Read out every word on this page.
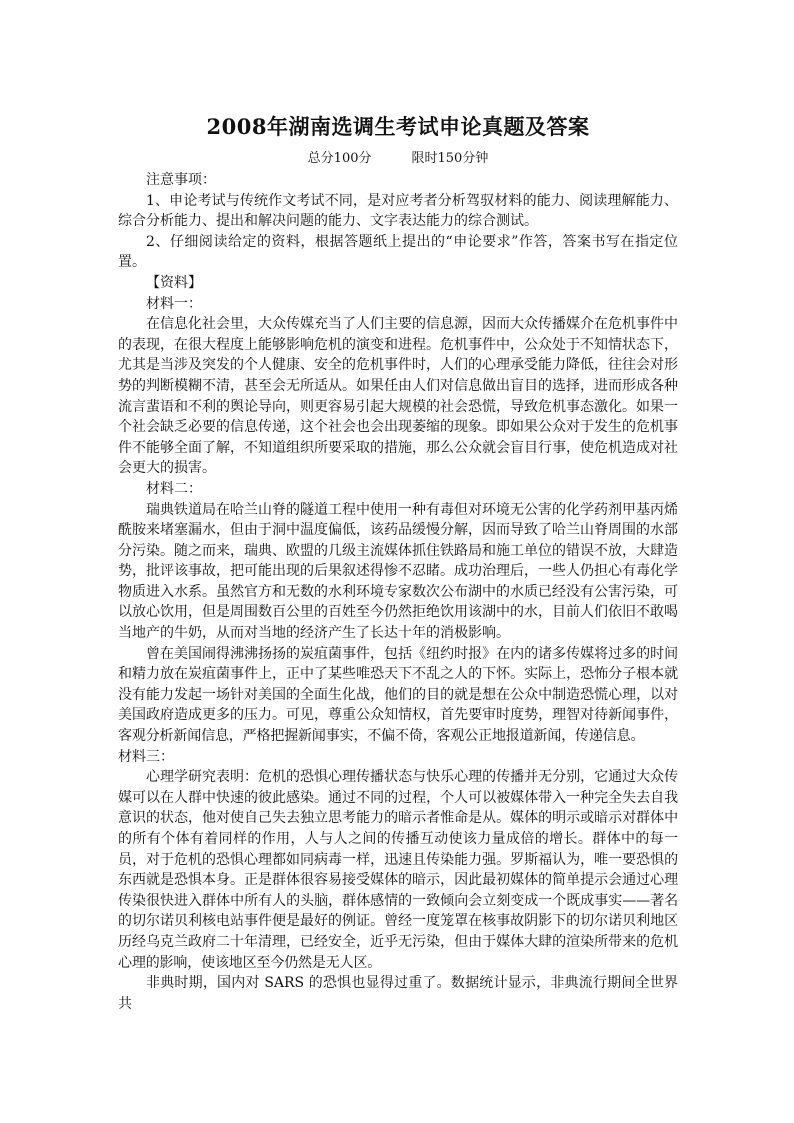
2008年湖南选调生考试申论真题及答案

总分100分	限时150分钟

注意事项：

1、申论考试与传统作文考试不同，是对应考者分析驾驭材料的能力、阅读理解能力、综合分析能力、提出和解决问题的能力、文字表达能力的综合测试。

2、仔细阅读给定的资料，根据答题纸上提出的“申论要求”作答，答案书写在指定位置。

【资料】

材料一：

在信息化社会里，大众传媒充当了人们主要的信息源，因而大众传播媒介在危机事件中的表现，在很大程度上能够影响危机的演变和进程。危机事件中，公众处于不知情状态下，尤其是当涉及突发的个人健康、安全的危机事件时，人们的心理承受能力降低，往往会对形势的判断模糊不清，甚至会无所适从。如果任由人们对信息做出盲目的选择，进而形成各种流言蜚语和不利的舆论导向，则更容易引起大规模的社会恐慌，导致危机事态激化。如果一个社会缺乏必要的信息传递，这个社会也会出现萎缩的现象。即如果公众对于发生的危机事件不能够全面了解，不知道组织所要采取的措施，那么公众就会盲目行事，使危机造成对社会更大的损害。

材料二：

瑞典铁道局在哈兰山脊的隧道工程中使用一种有毒但对环境无公害的化学药剂甲基丙烯酰胺来堵塞漏水，但由于洞中温度偏低，该药品缓慢分解，因而导致了哈兰山脊周围的水部分污染。随之而来，瑞典、欧盟的几级主流媒体抓住铁路局和施工单位的错误不放，大肆造势，批评该事故，把可能出现的后果叙述得惨不忍睹。成功治理后，一些人仍担心有毒化学物质进入水系。虽然官方和无数的水利环境专家数次公布湖中的水质已经没有公害污染，可以放心饮用，但是周围数百公里的百姓至今仍然拒绝饮用该湖中的水，目前人们依旧不敢喝当地产的牛奶，从而对当地的经济产生了长达十年的消极影响。

曾在美国闹得沸沸扬扬的炭疽菌事件，包括《纽约时报》在内的诸多传媒将过多的时间和精力放在炭疽菌事件上，正中了某些唯恐天下不乱之人的下怀。实际上，恐怖分子根本就没有能力发起一场针对美国的全面生化战，他们的目的就是想在公众中制造恐慌心理，以对美国政府造成更多的压力。可见，尊重公众知情权，首先要审时度势，理智对待新闻事件，客观分析新闻信息，严格把握新闻事实，不偏不倚，客观公正地报道新闻，传递信息。

材料三：

心理学研究表明：危机的恐惧心理传播状态与快乐心理的传播并无分别，它通过大众传媒可以在人群中快速的彼此感染。通过不同的过程，个人可以被媒体带入一种完全失去自我意识的状态，他对使自己失去独立思考能力的暗示者惟命是从。媒体的明示或暗示对群体中的所有个体有着同样的作用，人与人之间的传播互动使该力量成倍的增长。群体中的每一员，对于危机的恐惧心理都如同病毒一样，迅速且传染能力强。罗斯福认为，唯一要恐惧的东西就是恐惧本身。正是群体很容易接受媒体的暗示，因此最初媒体的简单提示会通过心理传染很快进入群体中所有人的头脑，群体感情的一致倾向会立刻变成一个既成事实——著名的切尔诺贝利核电站事件便是最好的例证。曾经一度笼罩在核事故阴影下的切尔诺贝利地区历经乌克兰政府二十年清理，已经安全，近乎无污染，但由于媒体大肆的渲染所带来的危机心理的影响，使该地区至今仍然是无人区。

非典时期，国内对 SARS 的恐惧也显得过重了。数据统计显示，非典流行期间全世界共
